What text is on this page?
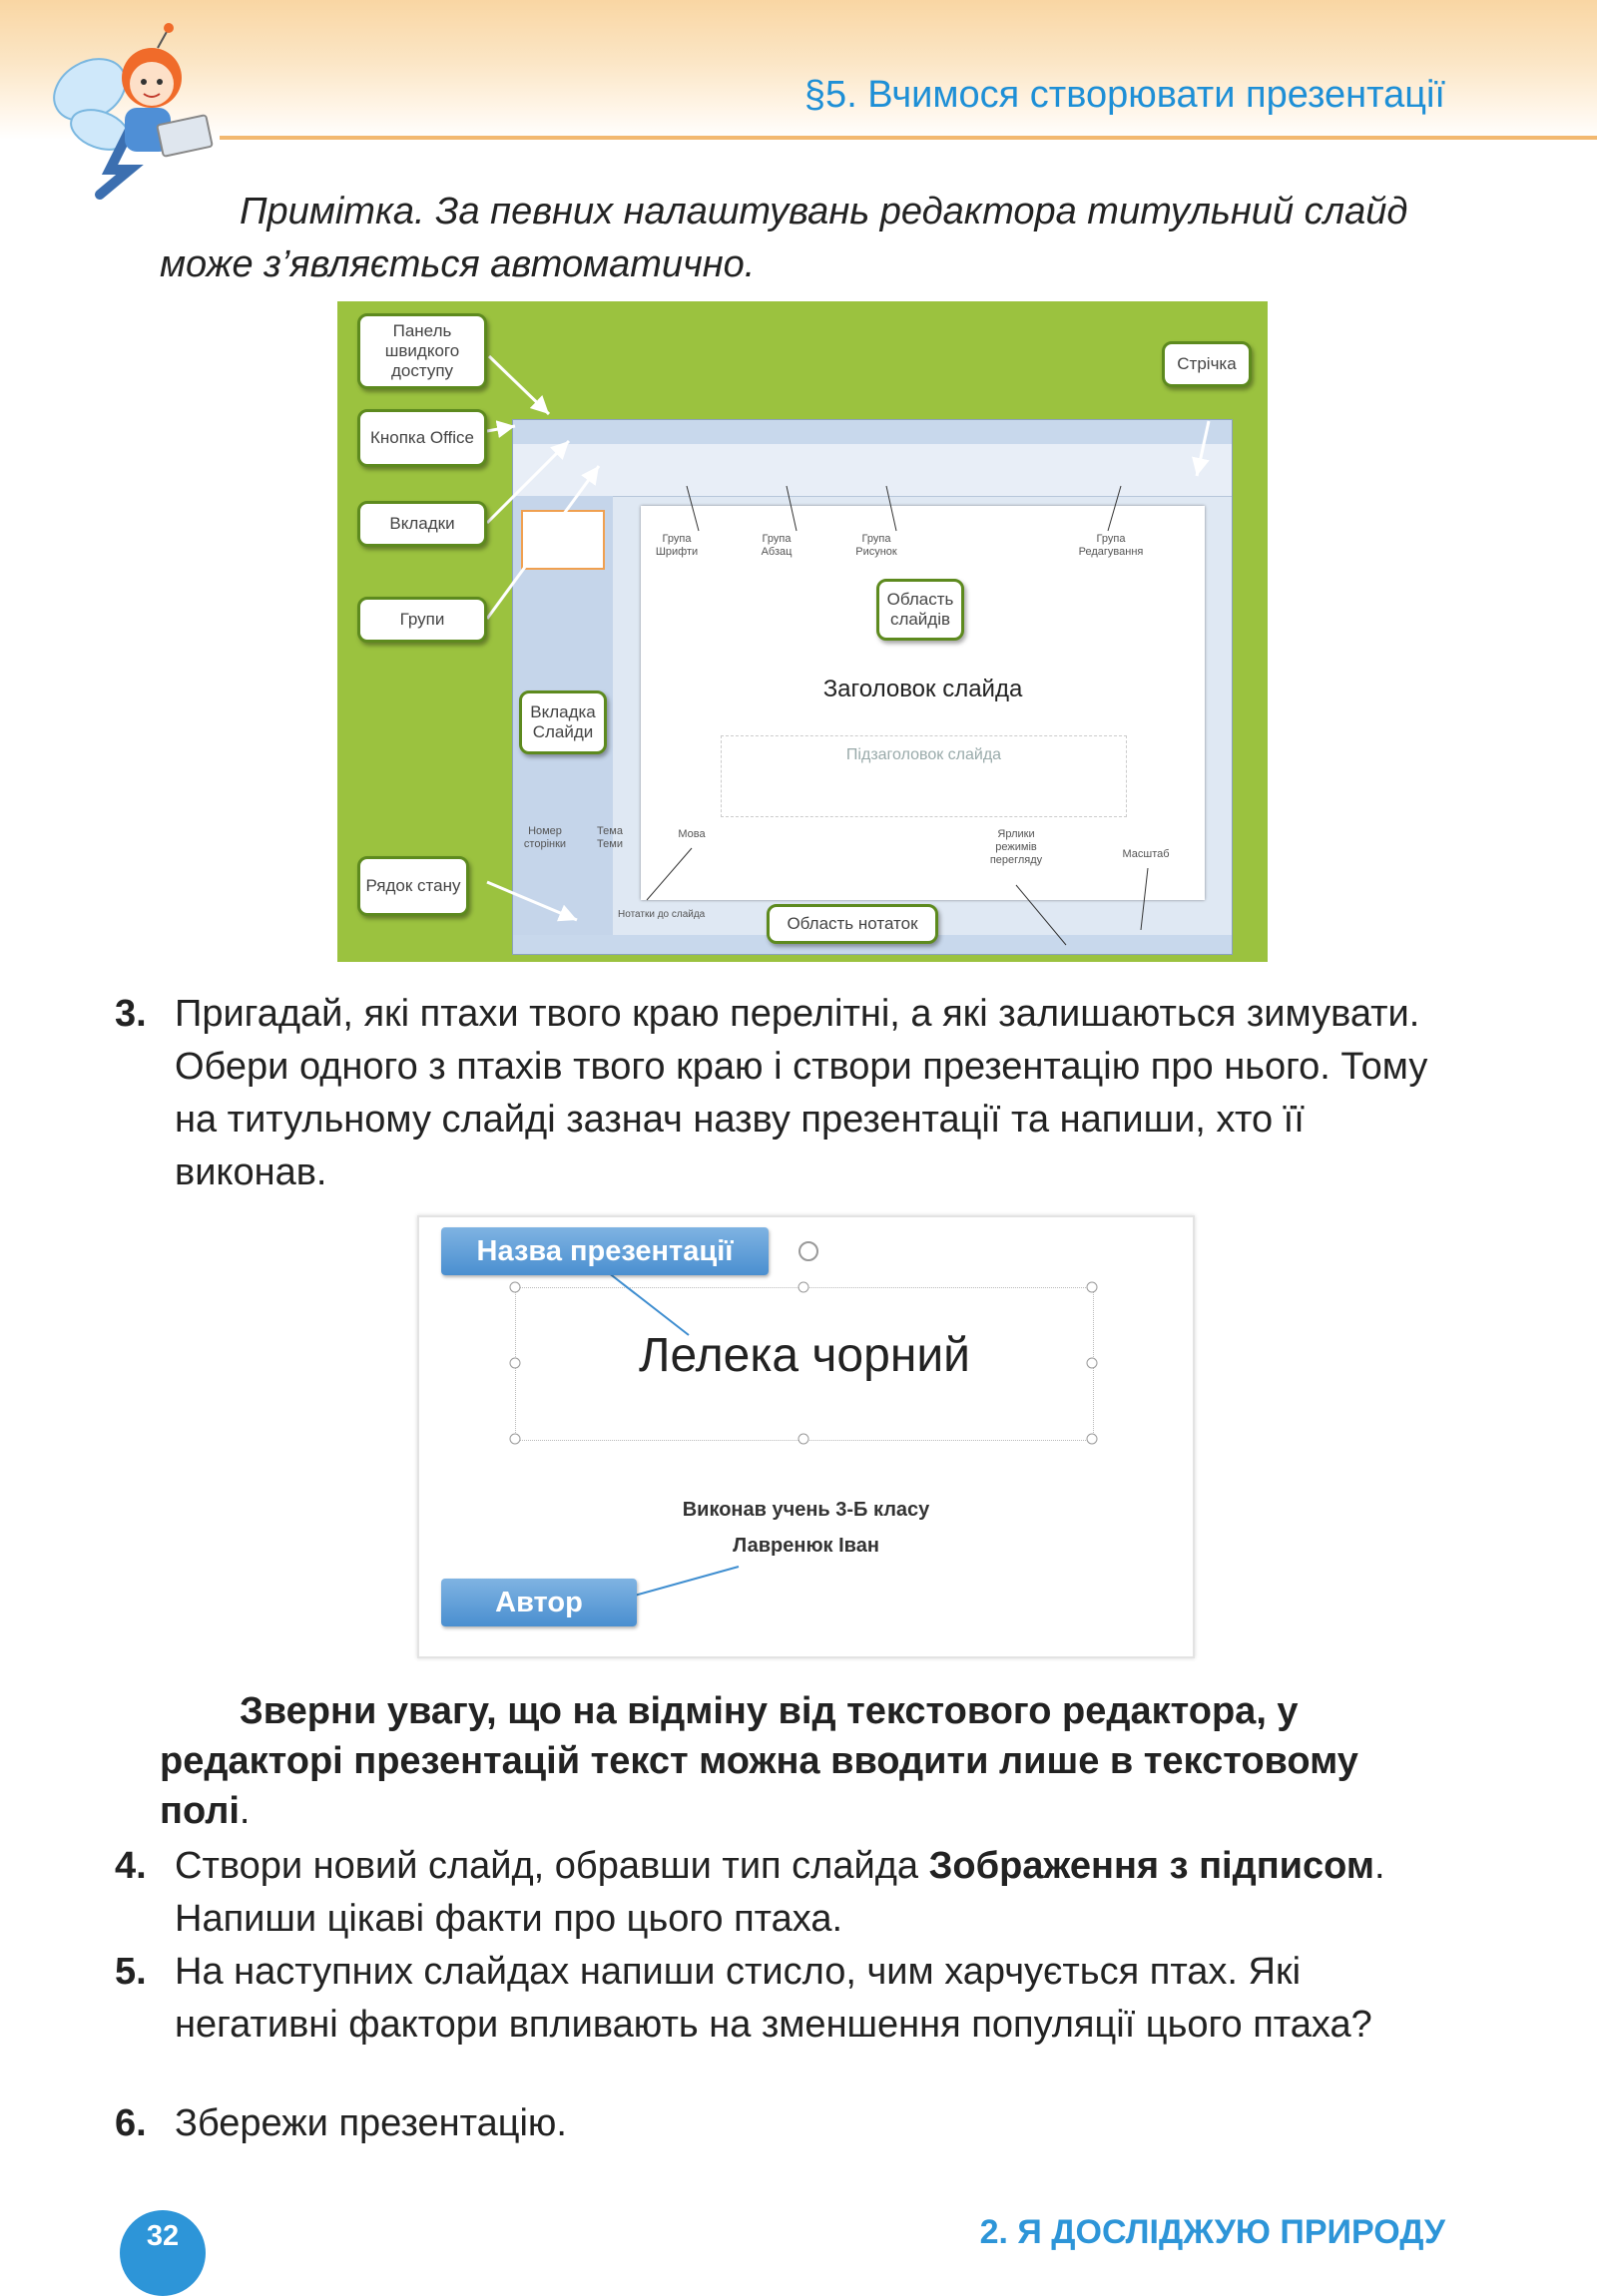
§5. Вчимося створювати презентації
Примітка. За певних налаштувань редактора титульний слайд може з’являється автоматично.
Заголовок слайда
Підзаголовок слайда
Нотатки до слайда
Група Шрифти
Група Абзац
Група Рисунок
Група Редагування
Мова	Ярлики режимів перегляду	Масштаб
Номер сторінки
Тема Теми
Панель швидкого доступу
Кнопка Office
Вкладки
Групи
Стрічка
Вкладка Слайди
Область слайдів
Рядок стану
Область нотаток
3. Пригадай, які птахи твого краю перелітні, а які залишаються зимувати. Обери одного з птахів твого краю і створи презентацію про нього. Тому на титульному слайді зазнач назву презентації та напиши, хто її виконав.
Лелека чорний
Виконав учень 3-Б класу
Лавренюк Іван
Назва презентації
Автор
Зверни увагу, що на відміну від текстового редактора, у редакторі презентацій текст можна вводити лише в текстовому полі.
4. Створи новий слайд, обравши тип слайда Зображення з підписом. Напиши цікаві факти про цього птаха.
5. На наступних слайдах напиши стисло, чим харчується птах. Які негативні фактори впливають на зменшення популяції цього птаха?
6. Збережи презентацію.
32	2. Я ДОСЛІДЖУЮ ПРИРОДУ
